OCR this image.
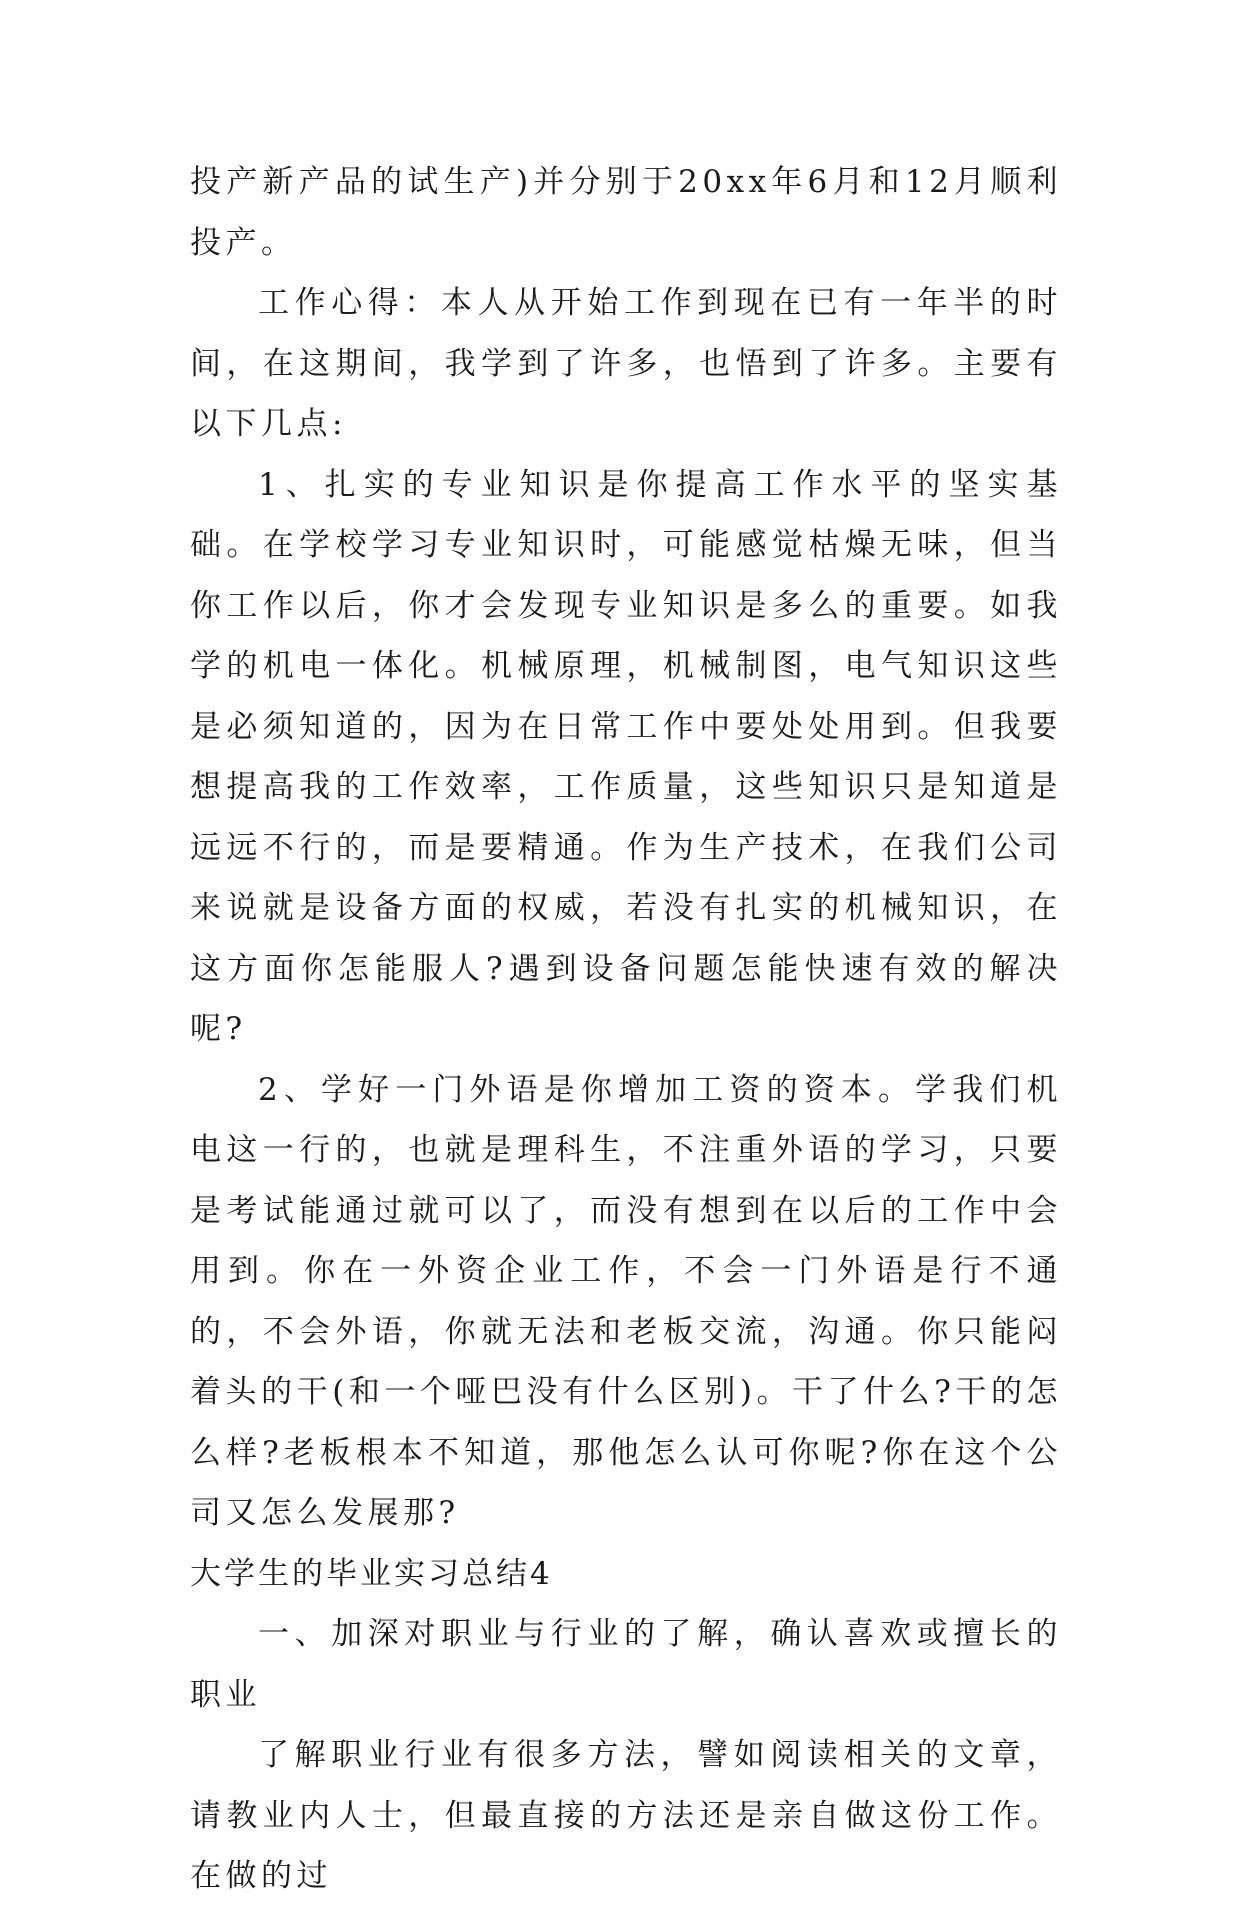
投产新产品的试生产)并分别于20xx年6月和12月顺利投产。

工作心得：本人从开始工作到现在已有一年半的时间，在这期间，我学到了许多，也悟到了许多。主要有以下几点:

1、扎实的专业知识是你提高工作水平的坚实基础。在学校学习专业知识时，可能感觉枯燥无味，但当你工作以后，你才会发现专业知识是多么的重要。如我学的机电一体化。机械原理，机械制图，电气知识这些是必须知道的，因为在日常工作中要处处用到。但我要想提高我的工作效率，工作质量，这些知识只是知道是远远不行的，而是要精通。作为生产技术，在我们公司来说就是设备方面的权威，若没有扎实的机械知识，在这方面你怎能服人?遇到设备问题怎能快速有效的解决呢?

2、学好一门外语是你增加工资的资本。学我们机电这一行的，也就是理科生，不注重外语的学习，只要是考试能通过就可以了，而没有想到在以后的工作中会用到。你在一外资企业工作，不会一门外语是行不通的，不会外语，你就无法和老板交流，沟通。你只能闷着头的干(和一个哑巴没有什么区别)。干了什么?干的怎么样?老板根本不知道，那他怎么认可你呢?你在这个公司又怎么发展那?

大学生的毕业实习总结4

一、加深对职业与行业的了解，确认喜欢或擅长的职业

了解职业行业有很多方法，譬如阅读相关的文章，请教业内人士，但最直接的方法还是亲自做这份工作。在做的过
